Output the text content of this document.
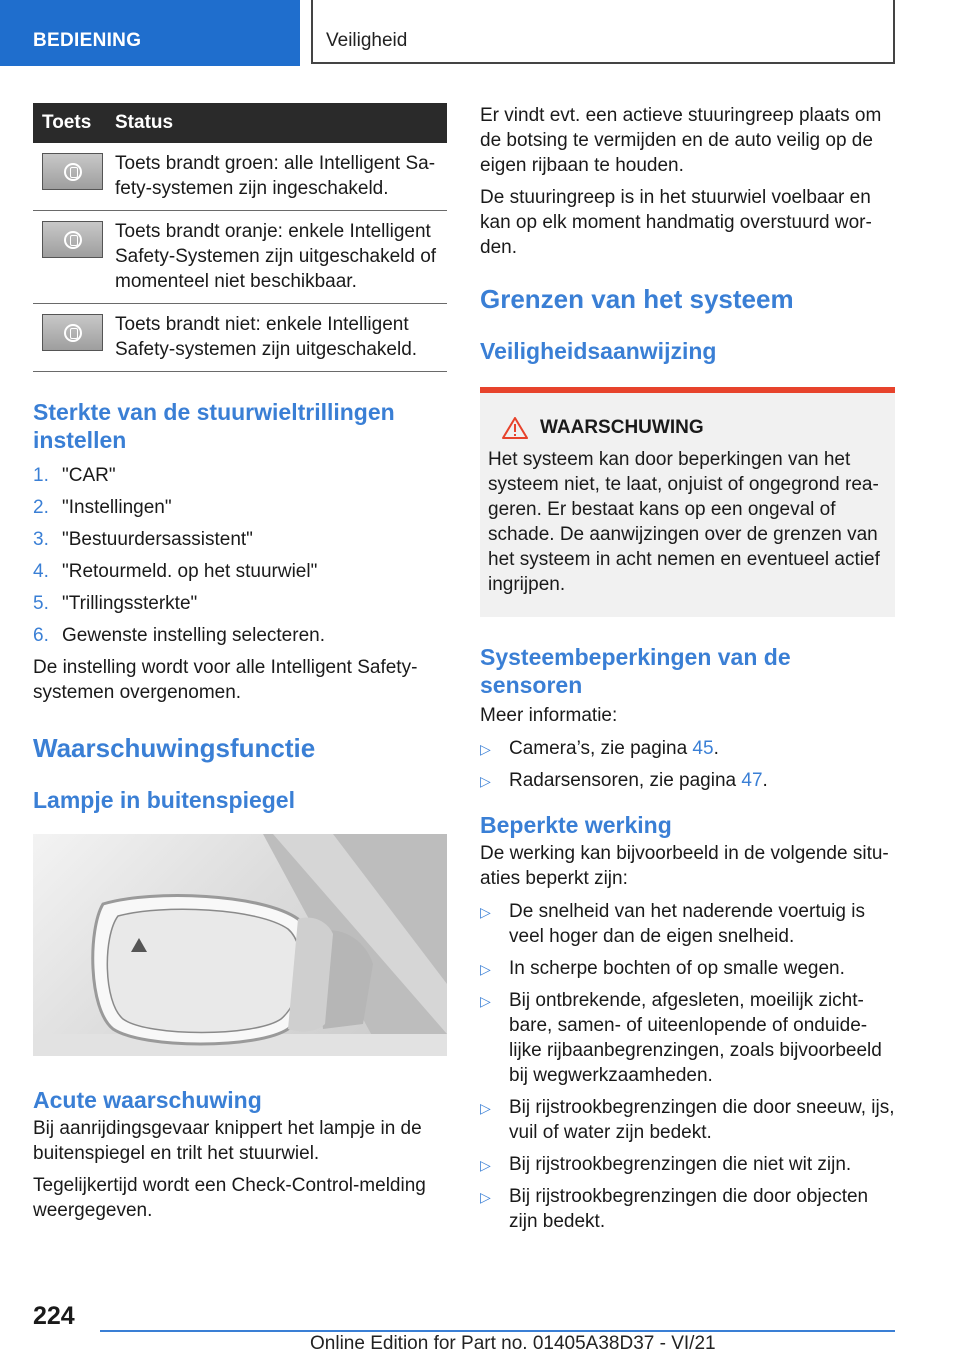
BEDIENING	Veiligheid
Toets	Status

	Toets brandt groen: alle Intelligent Sa-fety-systemen zijn ingeschakeld.

	Toets brandt oranje: enkele Intelligent Safety-Systemen zijn uitgeschakeld of momenteel niet beschikbaar.

	Toets brandt niet: enkele Intelligent Safety-systemen zijn uitgeschakeld.
Sterkte van de stuurwieltrillingen instellen
1. "CAR"
2. "Instellingen"
3. "Bestuurdersassistent"
4. "Retourmeld. op het stuurwiel"
5. "Trillingssterkte"
6. Gewenste instelling selecteren.

De instelling wordt voor alle Intelligent Safety-systemen overgenomen.

Waarschuwingsfunctie
Lampje in buitenspiegel
Acute waarschuwing

Bij aanrijdingsgevaar knippert het lampje in de buitenspiegel en trilt het stuurwiel.

Tegelijkertijd wordt een Check-Control-melding weergegeven.

Er vindt evt. een actieve stuuringreep plaats om de botsing te vermijden en de auto veilig op de eigen rijbaan te houden.

De stuuringreep is in het stuurwiel voelbaar en kan op elk moment handmatig overstuurd wor-den.

Grenzen van het systeem
Veiligheidsaanwijzing
WAARSCHUWING

Het systeem kan door beperkingen van het systeem niet, te laat, onjuist of ongegrond rea-geren. Er bestaat kans op een ongeval of schade. De aanwijzingen over de grenzen van het systeem in acht nemen en eventueel actief ingrijpen.

Systeembeperkingen van de sensoren

Meer informatie:

▷ Camera’s, zie pagina 45.
▷ Radarsensoren, zie pagina 47.
Beperkte werking

De werking kan bijvoorbeeld in de volgende situ-aties beperkt zijn:

▷ De snelheid van het naderende voertuig is veel hoger dan de eigen snelheid.
▷ In scherpe bochten of op smalle wegen.
▷ Bij ontbrekende, afgesleten, moeilijk zicht-bare, samen- of uiteenlopende of onduide-lijke rijbaanbegrenzingen, zoals bijvoorbeeld bij wegwerkzaamheden.
▷ Bij rijstrookbegrenzingen die door sneeuw, ijs, vuil of water zijn bedekt.
▷ Bij rijstrookbegrenzingen die niet wit zijn.
▷ Bij rijstrookbegrenzingen die door objecten zijn bedekt.
224
Online Edition for Part no. 01405A38D37 - VI/21
